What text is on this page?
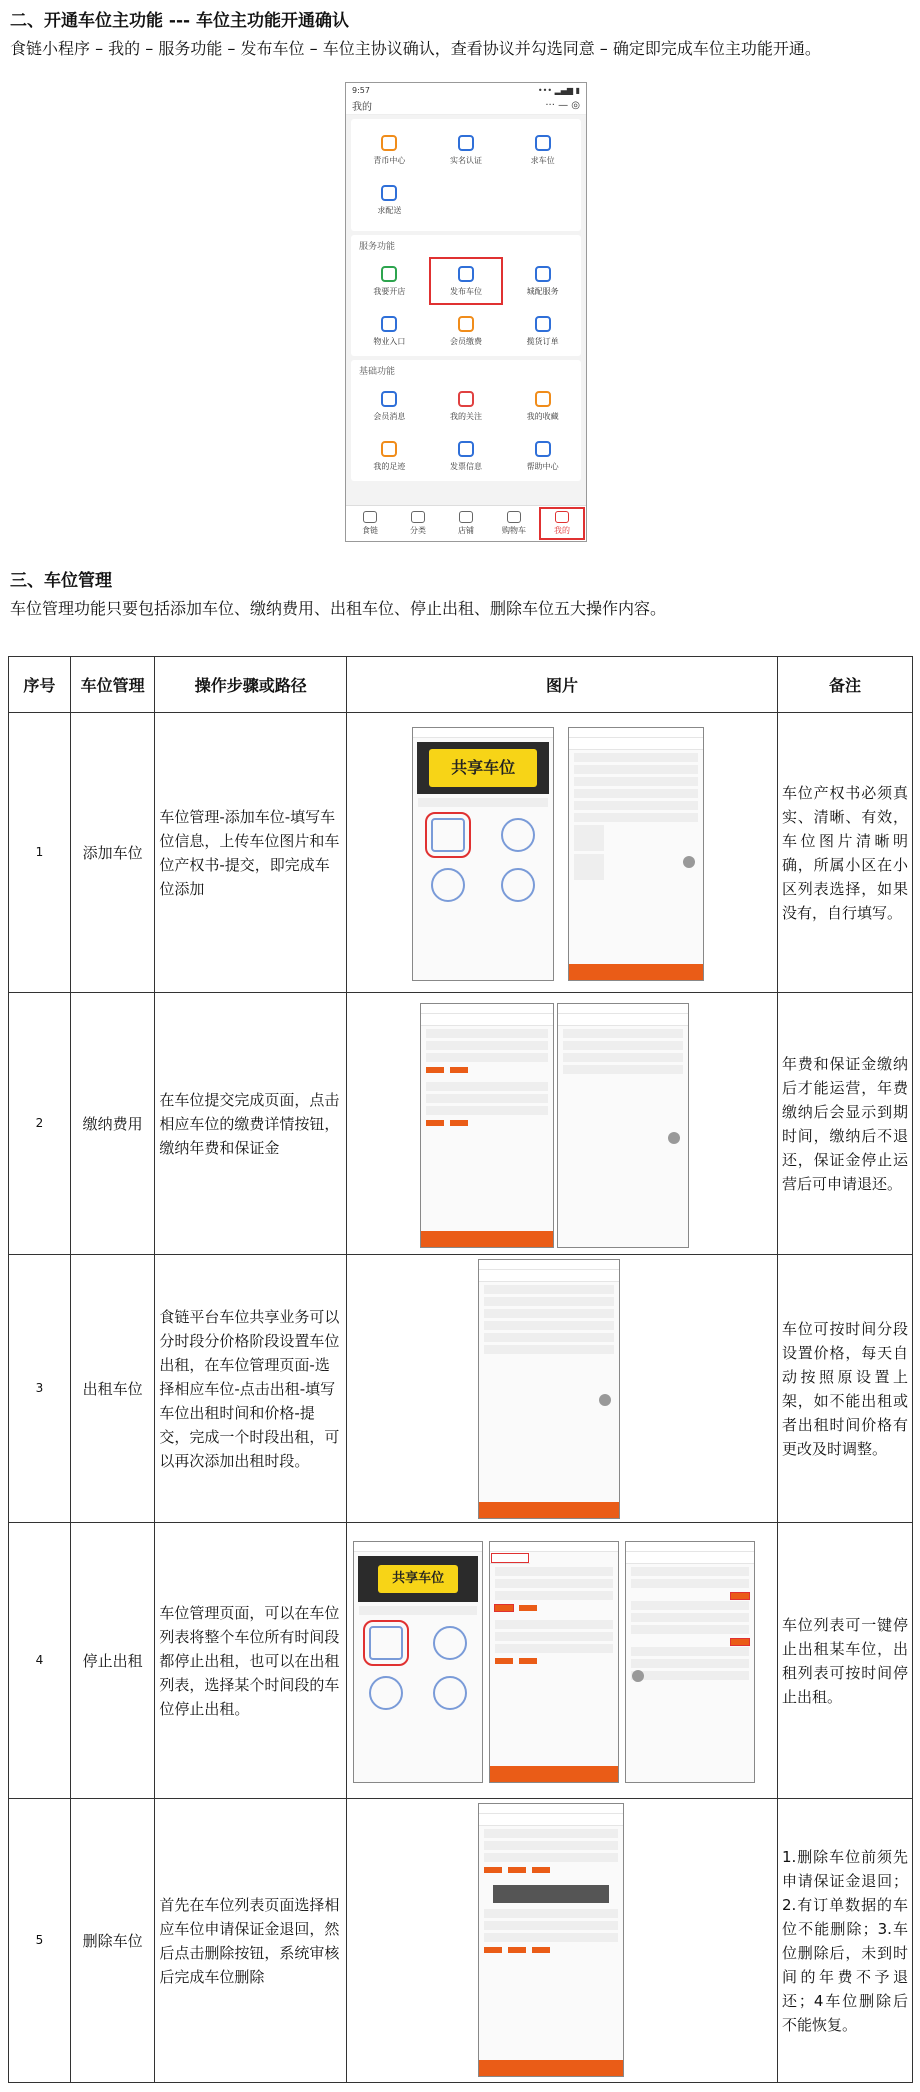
二、开通车位主功能 --- 车位主功能开通确认
食链小程序 – 我的 – 服务功能 – 发布车位 – 车位主协议确认，查看协议并勾选同意 – 确定即完成车位主功能开通。
9:57	••• ▂▄▆ ▮
我的	··· — ◎
青币中心	实名认证	求车位
求配送
服务功能
我要开店	发布车位	城配服务
物业入口	会员缴费	揽货订单
基础功能
会员消息	我的关注	我的收藏
我的足迹	发票信息	帮助中心
食链	分类	店铺	购物车	我的
三、车位管理
车位管理功能只要包括添加车位、缴纳费用、出租车位、停止出租、删除车位五大操作内容。
序号	车位管理	操作步骤或路径	图片	备注
1	添加车位	车位管理-添加车位-填写车位信息，上传车位图片和车位产权书-提交，即完成车位添加	共享车位	车位产权书必须真实、清晰、有效，车位图片清晰明确，所属小区在小区列表选择，如果没有，自行填写。
2	缴纳费用	在车位提交完成页面，点击相应车位的缴费详情按钮，缴纳年费和保证金		年费和保证金缴纳后才能运营，年费缴纳后会显示到期时间，缴纳后不退还，保证金停止运营后可申请退还。
3	出租车位	食链平台车位共享业务可以分时段分价格阶段设置车位出租，在车位管理页面-选择相应车位-点击出租-填写车位出租时间和价格-提交，完成一个时段出租，可以再次添加出租时段。		车位可按时间分段设置价格，每天自动按照原设置上架，如不能出租或者出租时间价格有更改及时调整。
4	停止出租	车位管理页面，可以在车位列表将整个车位所有时间段都停止出租，也可以在出租列表，选择某个时间段的车位停止出租。	共享车位	车位列表可一键停止出租某车位，出租列表可按时间停止出租。
5	删除车位	首先在车位列表页面选择相应车位申请保证金退回，然后点击删除按钮，系统审核后完成车位删除		1.删除车位前须先申请保证金退回；2.有订单数据的车位不能删除；3.车位删除后，未到时间的年费不予退还；4车位删除后不能恢复。
